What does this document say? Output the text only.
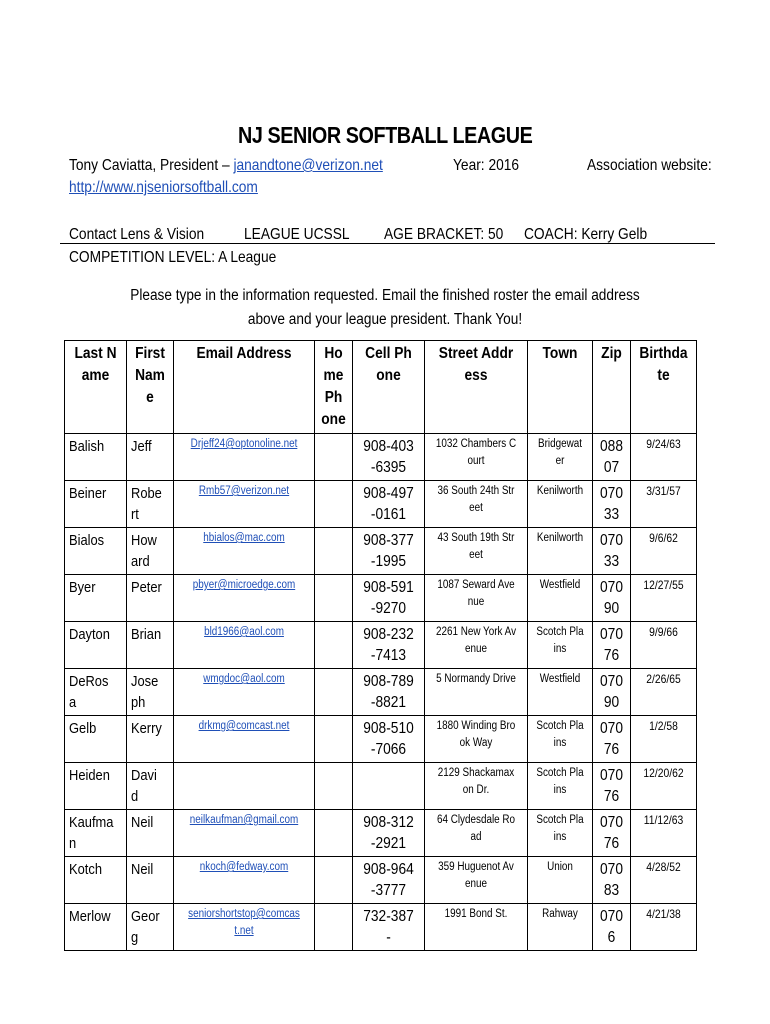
NJ SENIOR SOFTBALL LEAGUE
Tony Caviatta, President – janandtone@verizon.net	Year: 2016	Association website:
http://www.njseniorsoftball.com
Contact Lens & Vision	LEAGUE UCSSL	AGE BRACKET: 50	COACH: Kerry Gelb
COMPETITION LEVEL: A League
Please type in the information requested. Email the finished roster the email address above and your league president. Thank You!
Last Name	First Name	Email Address	Home Phone	Cell Phone	Street Address	Town	Zip	Birthdate

Balish	Jeff	Drjeff24@optonoline.net		908-403-6395	1032 Chambers Court	Bridgewater	08807	9/24/63

Beiner	Robert	Rmb57@verizon.net		908-497-0161	36 South 24th Street	Kenilworth	07033	3/31/57

Bialos	Howard	hbialos@mac.com		908-377-1995	43 South 19th Street	Kenilworth	07033	9/6/62

Byer	Peter	pbyer@microedge.com		908-591-9270	1087 Seward Avenue	Westfield	07090	12/27/55

Dayton	Brian	bld1966@aol.com		908-232-7413	2261 New York Avenue	Scotch Plains	07076	9/9/66

DeRosa	Joseph	wmgdoc@aol.com		908-789-8821	5 Normandy Drive	Westfield	07090	2/26/65

Gelb	Kerry	drkmg@comcast.net		908-510-7066	1880 Winding Brook Way	Scotch Plains	07076	1/2/58

Heiden	David				2129 Shackamaxon Dr.	Scotch Plains	07076	12/20/62

Kaufman	Neil	neilkaufman@gmail.com		908-312-2921	64 Clydesdale Road	Scotch Plains	07076	11/12/63

Kotch	Neil	nkoch@fedway.com		908-964-3777	359 Huguenot Avenue	Union	07083	4/28/52

Merlow	Georg	seniorshortstop@comcast.net		732-387-	1991 Bond St.	Rahway	0706	4/21/38
